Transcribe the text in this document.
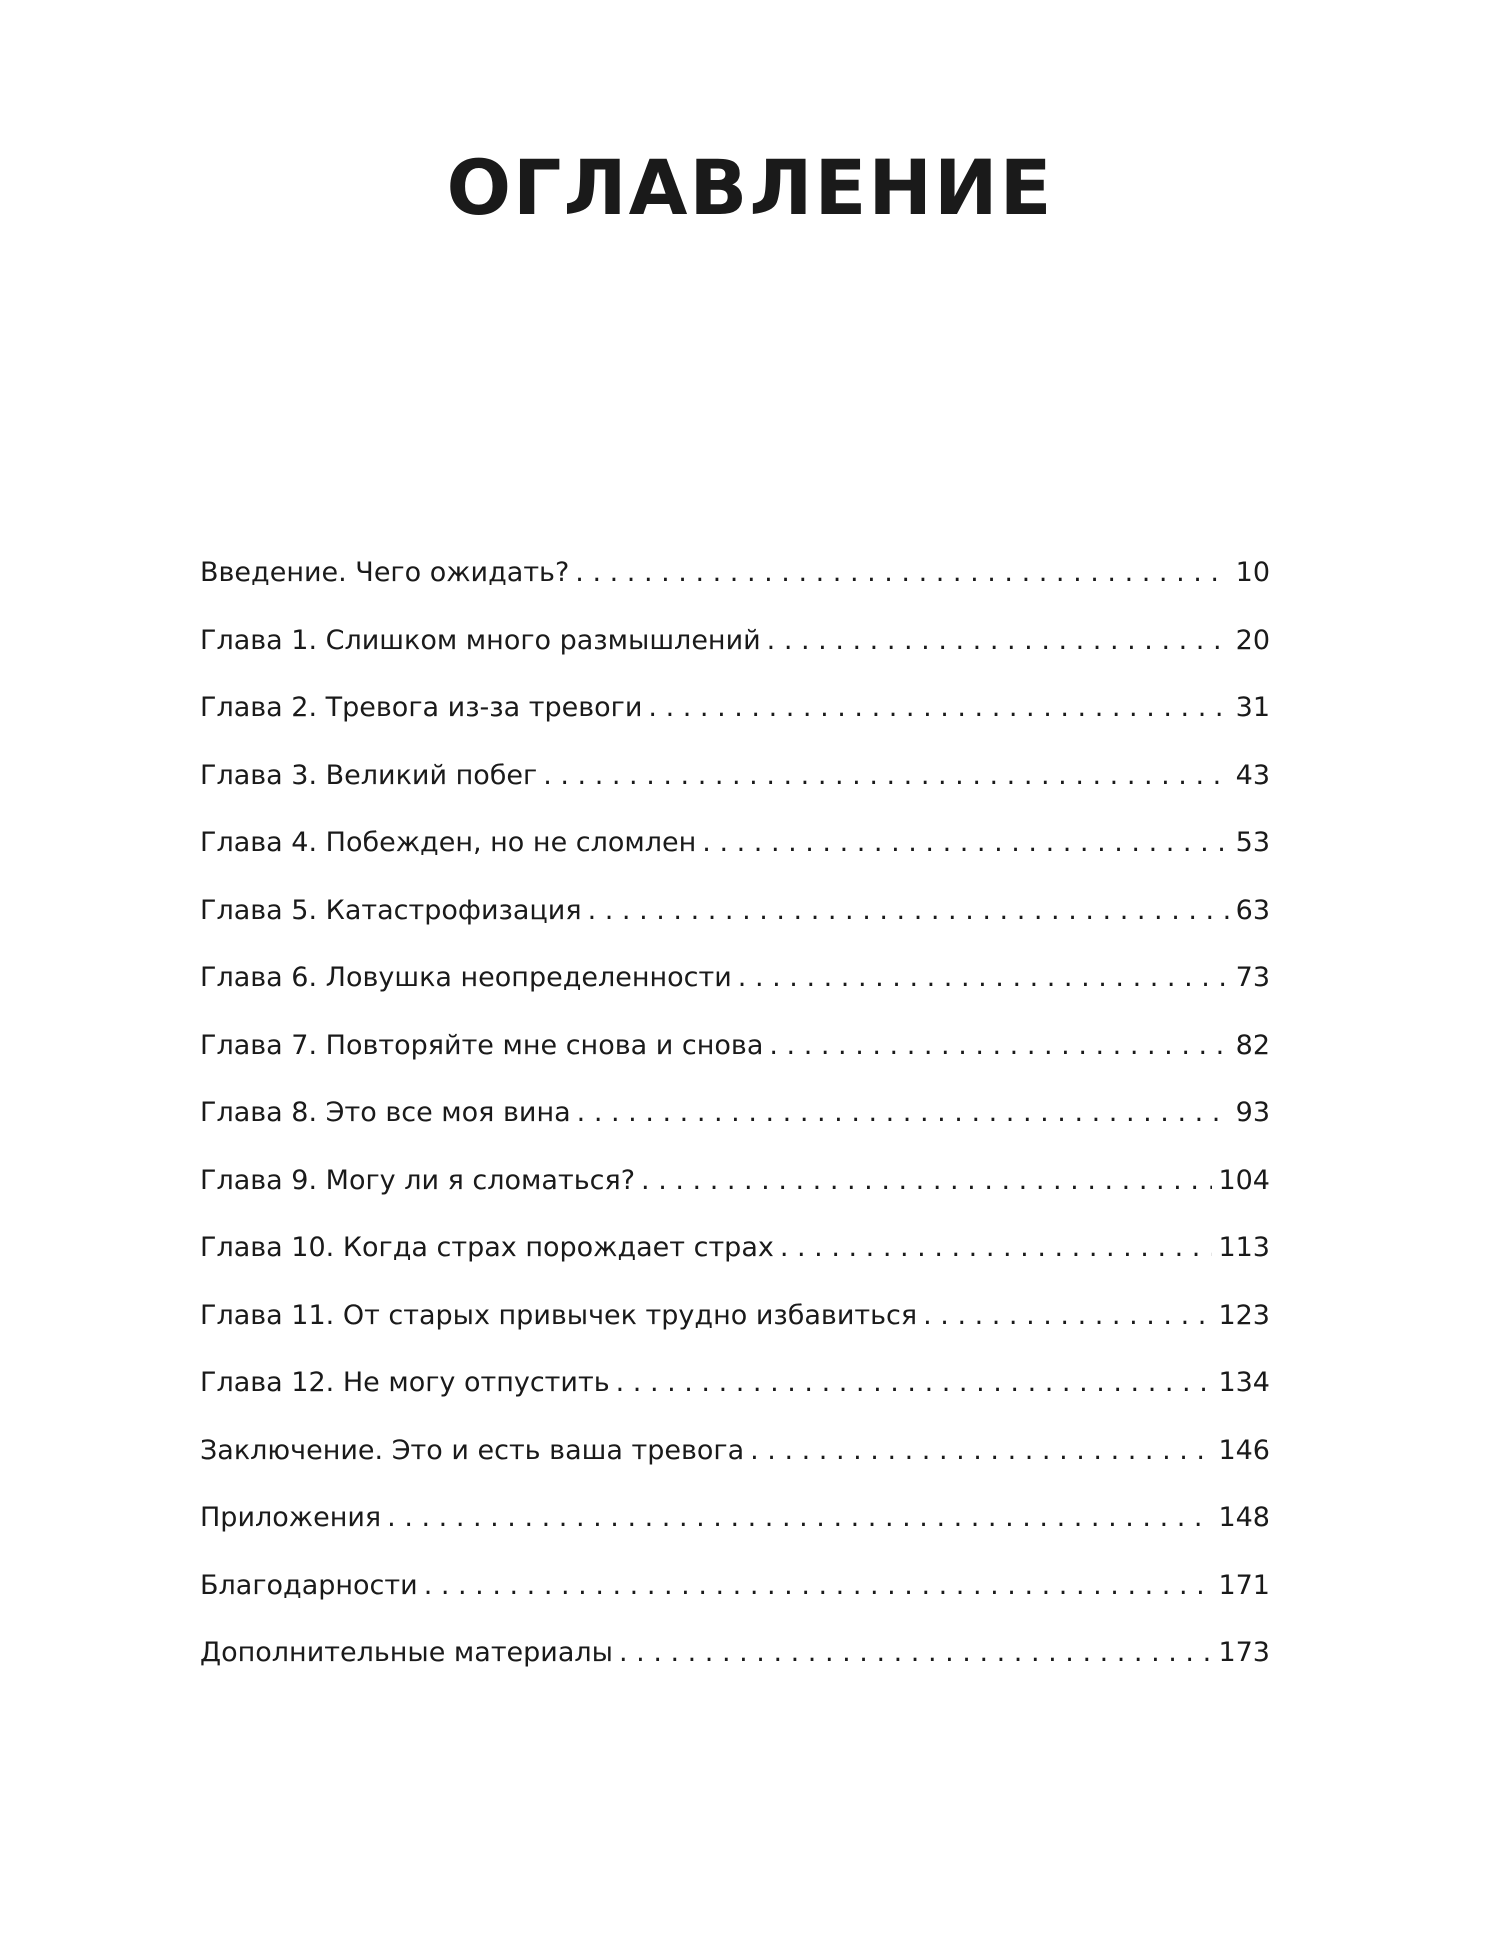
ОГЛАВЛЕНИЕ
Введение. Чего ожидать? . . .	10
Глава 1. Слишком много размышлений . . .	20
Глава 2. Тревога из-за тревоги . . .	31
Глава 3. Великий побег . . .	43
Глава 4. Побежден, но не сломлен . . .	53
Глава 5. Катастрофизация . . .	63
Глава 6. Ловушка неопределенности . . .	73
Глава 7. Повторяйте мне снова и снова . . .	82
Глава 8. Это все моя вина . . .	93
Глава 9. Могу ли я сломаться? . . .	104
Глава 10. Когда страх порождает страх . . .	113
Глава 11. От старых привычек трудно избавиться . . .	123
Глава 12. Не могу отпустить . . .	134
Заключение. Это и есть ваша тревога . . .	146
Приложения . . .	148
Благодарности . . .	171
Дополнительные материалы . . .	173
